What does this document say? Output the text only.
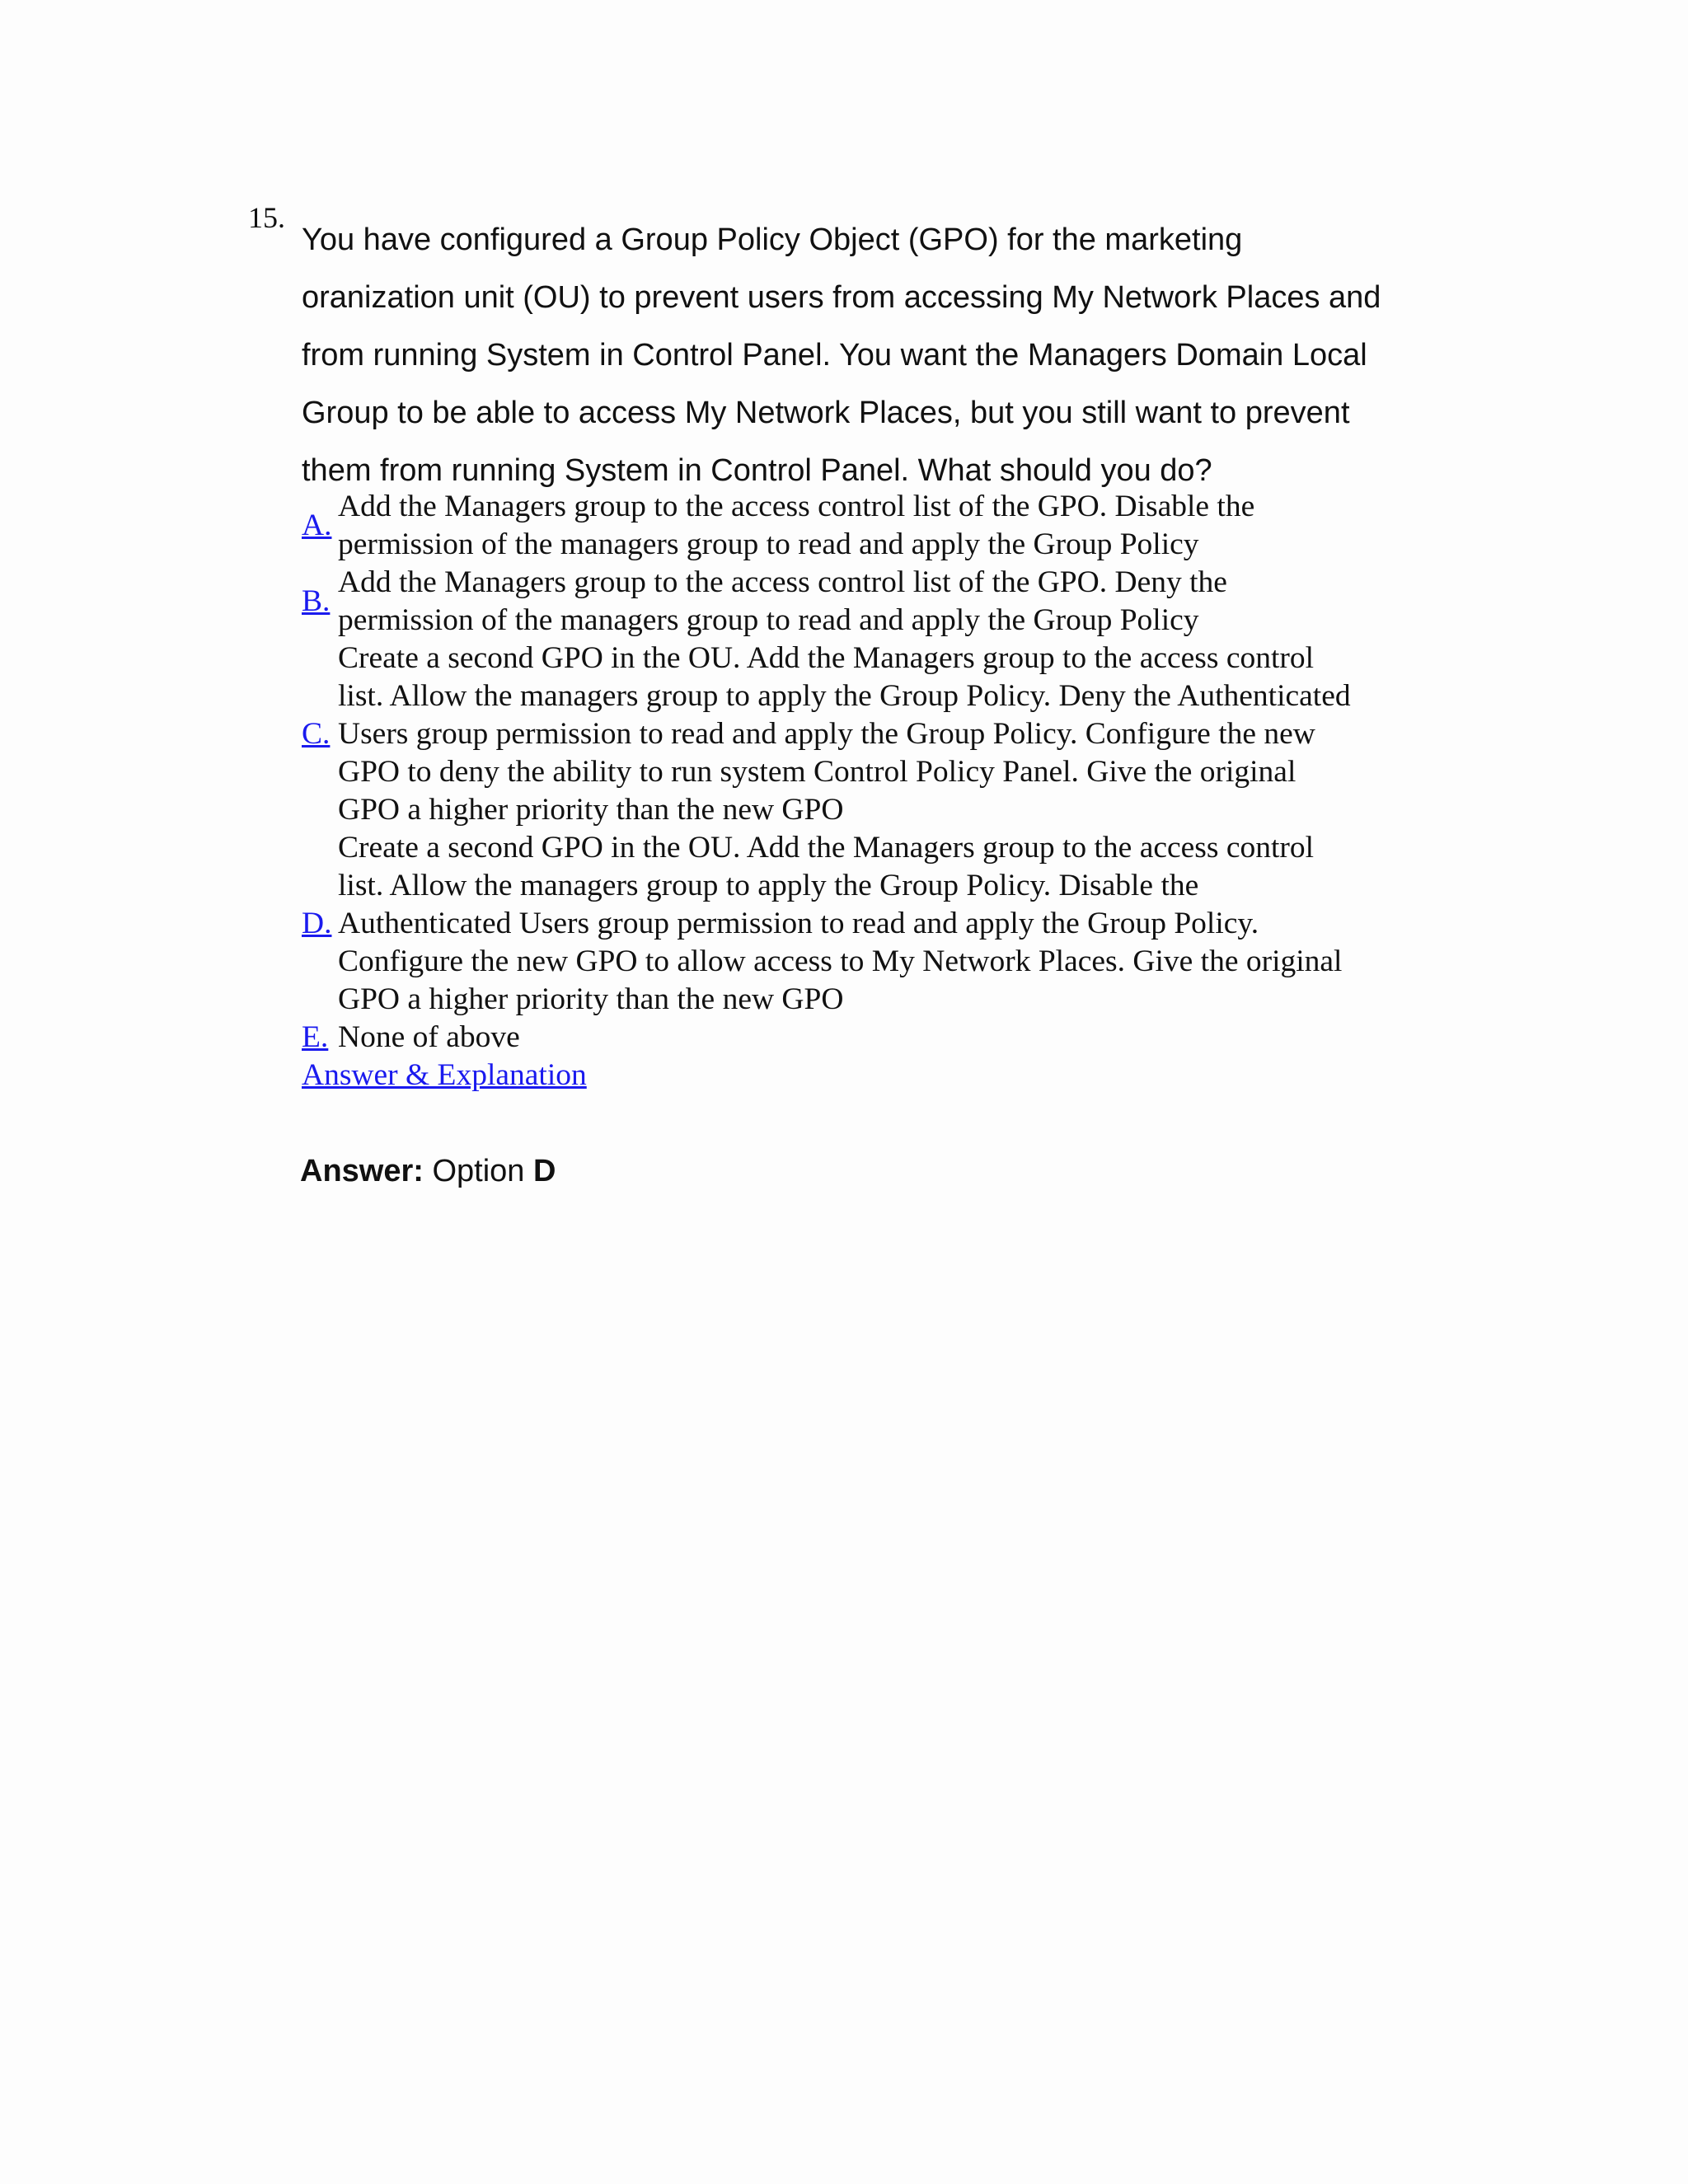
15.

You have configured a Group Policy Object (GPO) for the marketing
oranization unit (OU) to prevent users from accessing My Network Places and
from running System in Control Panel. You want the Managers Domain Local
Group to be able to access My Network Places, but you still want to prevent
them from running System in Control Panel. What should you do?

A.
Add the Managers group to the access control list of the GPO. Disable the
permission of the managers group to read and apply the Group Policy
B.
Add the Managers group to the access control list of the GPO. Deny the
permission of the managers group to read and apply the Group Policy
C.
Create a second GPO in the OU. Add the Managers group to the access control
list. Allow the managers group to apply the Group Policy. Deny the Authenticated
Users group permission to read and apply the Group Policy. Configure the new
GPO to deny the ability to run system Control Policy Panel. Give the original
GPO a higher priority than the new GPO
D.
Create a second GPO in the OU. Add the Managers group to the access control
list. Allow the managers group to apply the Group Policy. Disable the
Authenticated Users group permission to read and apply the Group Policy.
Configure the new GPO to allow access to My Network Places. Give the original
GPO a higher priority than the new GPO
E. None of above
Answer & Explanation
Answer: Option D
